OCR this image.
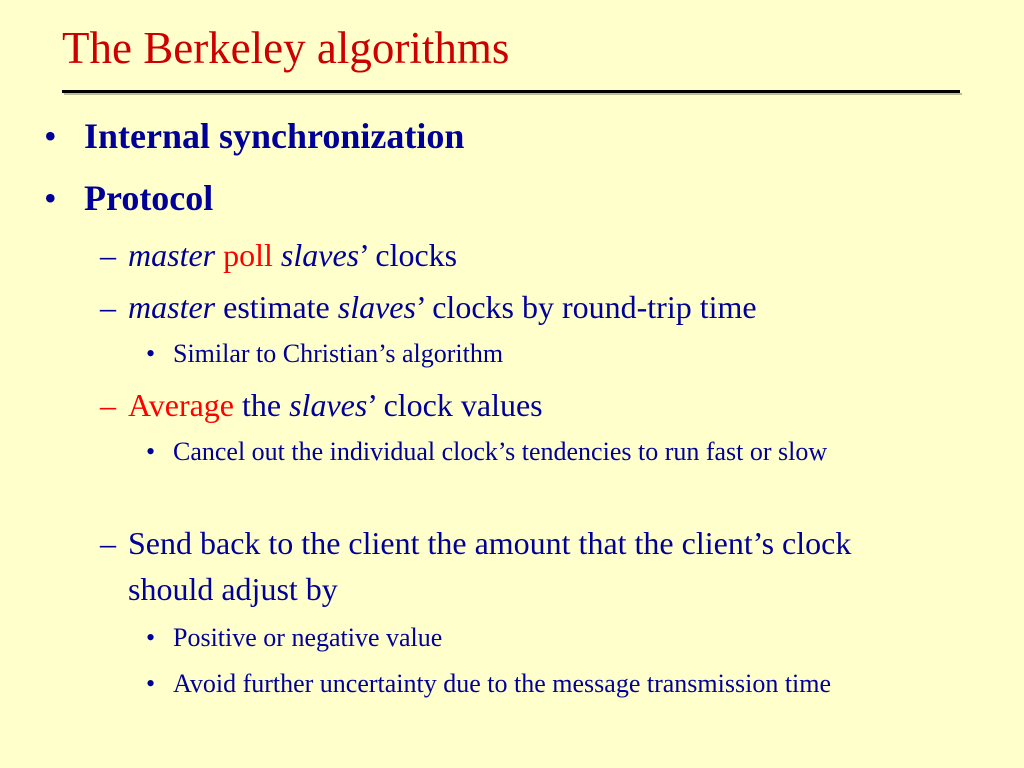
The Berkeley algorithms
• Internal synchronization
• Protocol
– master poll slaves’ clocks
– master estimate slaves’ clocks by round-trip time
• Similar to Christian’s algorithm
– Average the slaves’ clock values
• Cancel out the individual clock’s tendencies to run fast or slow
– Send back to the client the amount that the client’s clock should adjust by
• Positive or negative value
• Avoid further uncertainty due to the message transmission time
